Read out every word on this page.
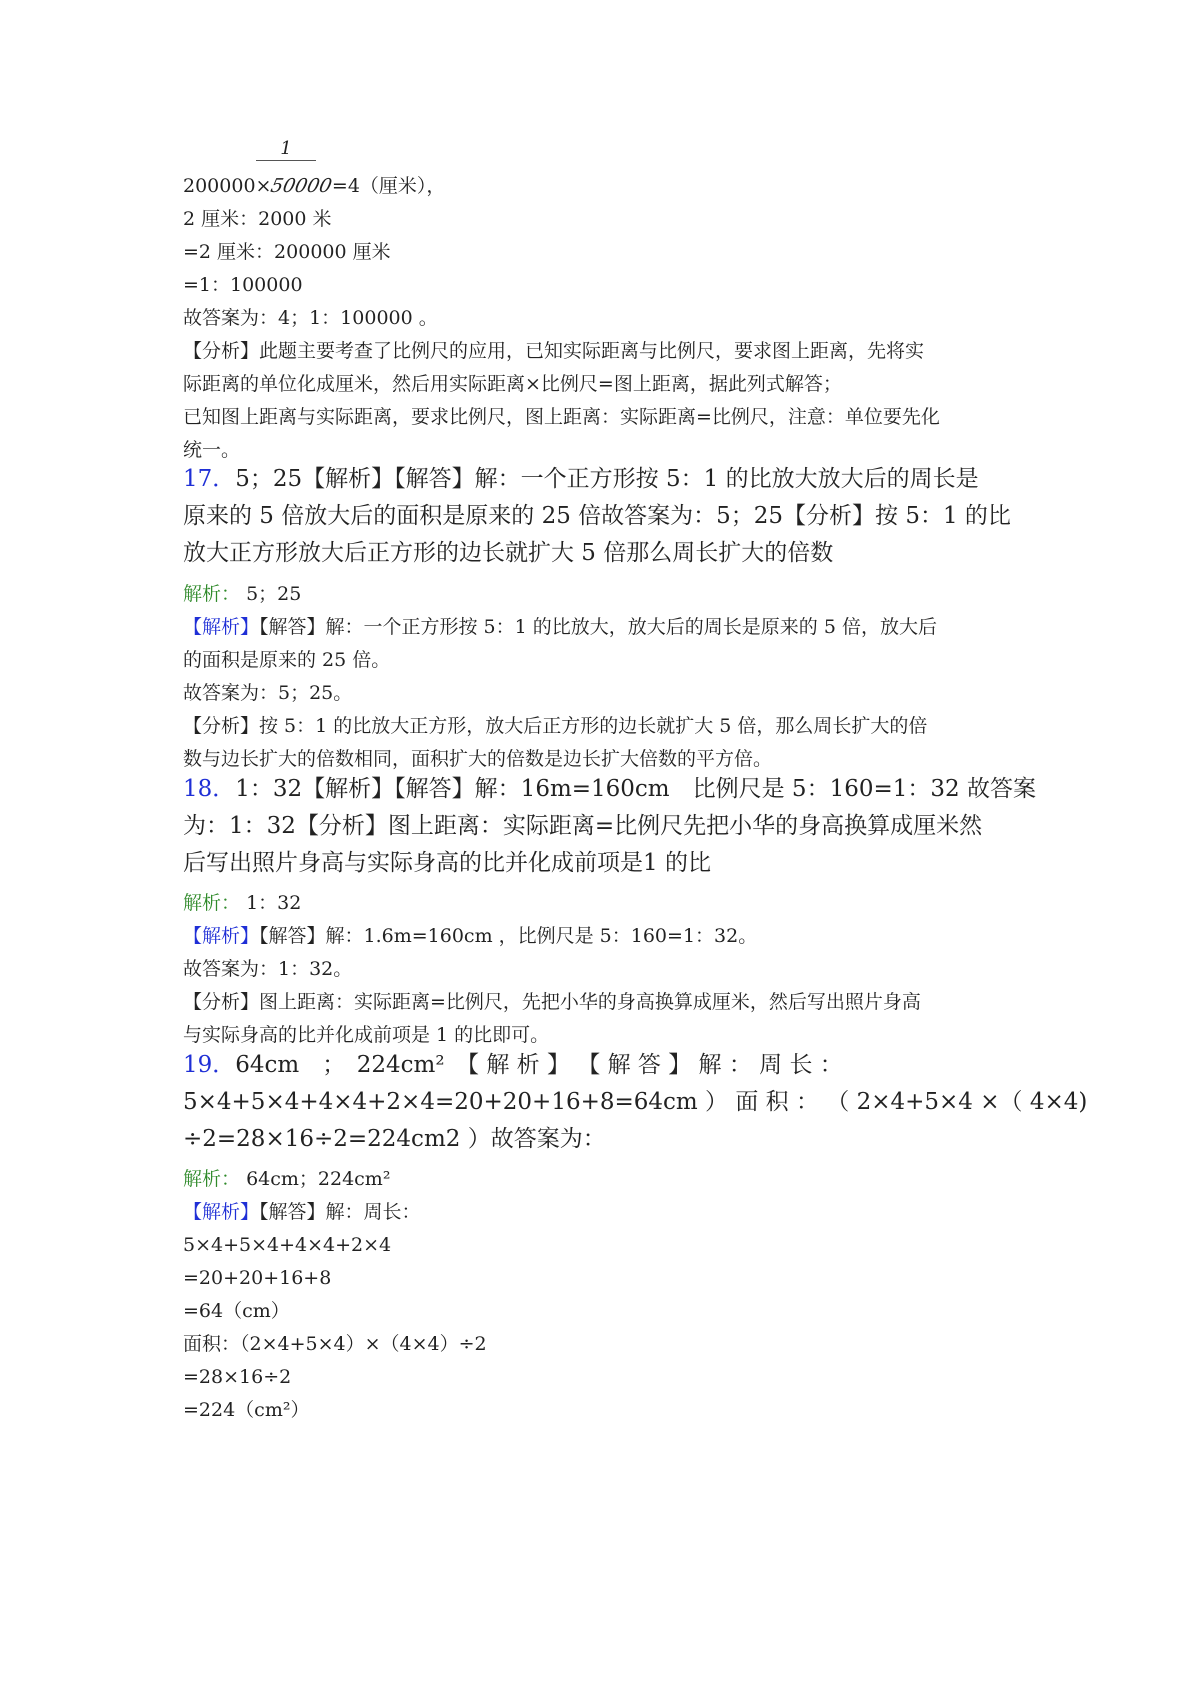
1
200000×50000=4（厘米），
2 厘米：2000 米
=2 厘米：200000 厘米
=1：100000
故答案为：4；1：100000 。
【分析】此题主要考查了比例尺的应用，已知实际距离与比例尺，要求图上距离，先将实
际距离的单位化成厘米，然后用实际距离×比例尺=图上距离，据此列式解答；
已知图上距离与实际距离，要求比例尺，图上距离：实际距离=比例尺，注意：单位要先化
统一。
17．5；25【解析】【解答】解：一个正方形按 5：1 的比放大放大后的周长是
原来的 5 倍放大后的面积是原来的 25 倍故答案为：5；25【分析】按 5：1 的比
放大正方形放大后正方形的边长就扩大 5 倍那么周长扩大的倍数
解析： 5；25
【解析】【解答】解：一个正方形按 5：1 的比放大，放大后的周长是原来的 5 倍，放大后
的面积是原来的 25 倍。
故答案为：5；25。
【分析】按 5：1 的比放大正方形，放大后正方形的边长就扩大 5 倍，那么周长扩大的倍
数与边长扩大的倍数相同，面积扩大的倍数是边长扩大倍数的平方倍。
18．1：32【解析】【解答】解：16m=160cm　比例尺是 5：160=1：32 故答案
为：1：32【分析】图上距离：实际距离=比例尺先把小华的身高换算成厘米然
后写出照片身高与实际身高的比并化成前项是1 的比
解析： 1：32
【解析】【解答】解：1.6m=160cm ，比例尺是 5：160=1：32。
故答案为：1：32。
【分析】图上距离：实际距离=比例尺，先把小华的身高换算成厘米，然后写出照片身高
与实际身高的比并化成前项是 1 的比即可。
19．64cm　；　224cm²　【 解 析 】 【 解 答 】 解 ： 周 长 ：
5×4+5×4+4×4+2×4=20+20+16+8=64cm ） 面 积 ： （ 2×4+5×4 ×（ 4×4)
÷2=28×16÷2=224cm2 ）故答案为：
解析： 64cm；224cm²
【解析】【解答】解：周长：
5×4+5×4+4×4+2×4
=20+20+16+8
=64（cm）
面积：（2×4+5×4）×（4×4）÷2
=28×16÷2
=224（cm²）
